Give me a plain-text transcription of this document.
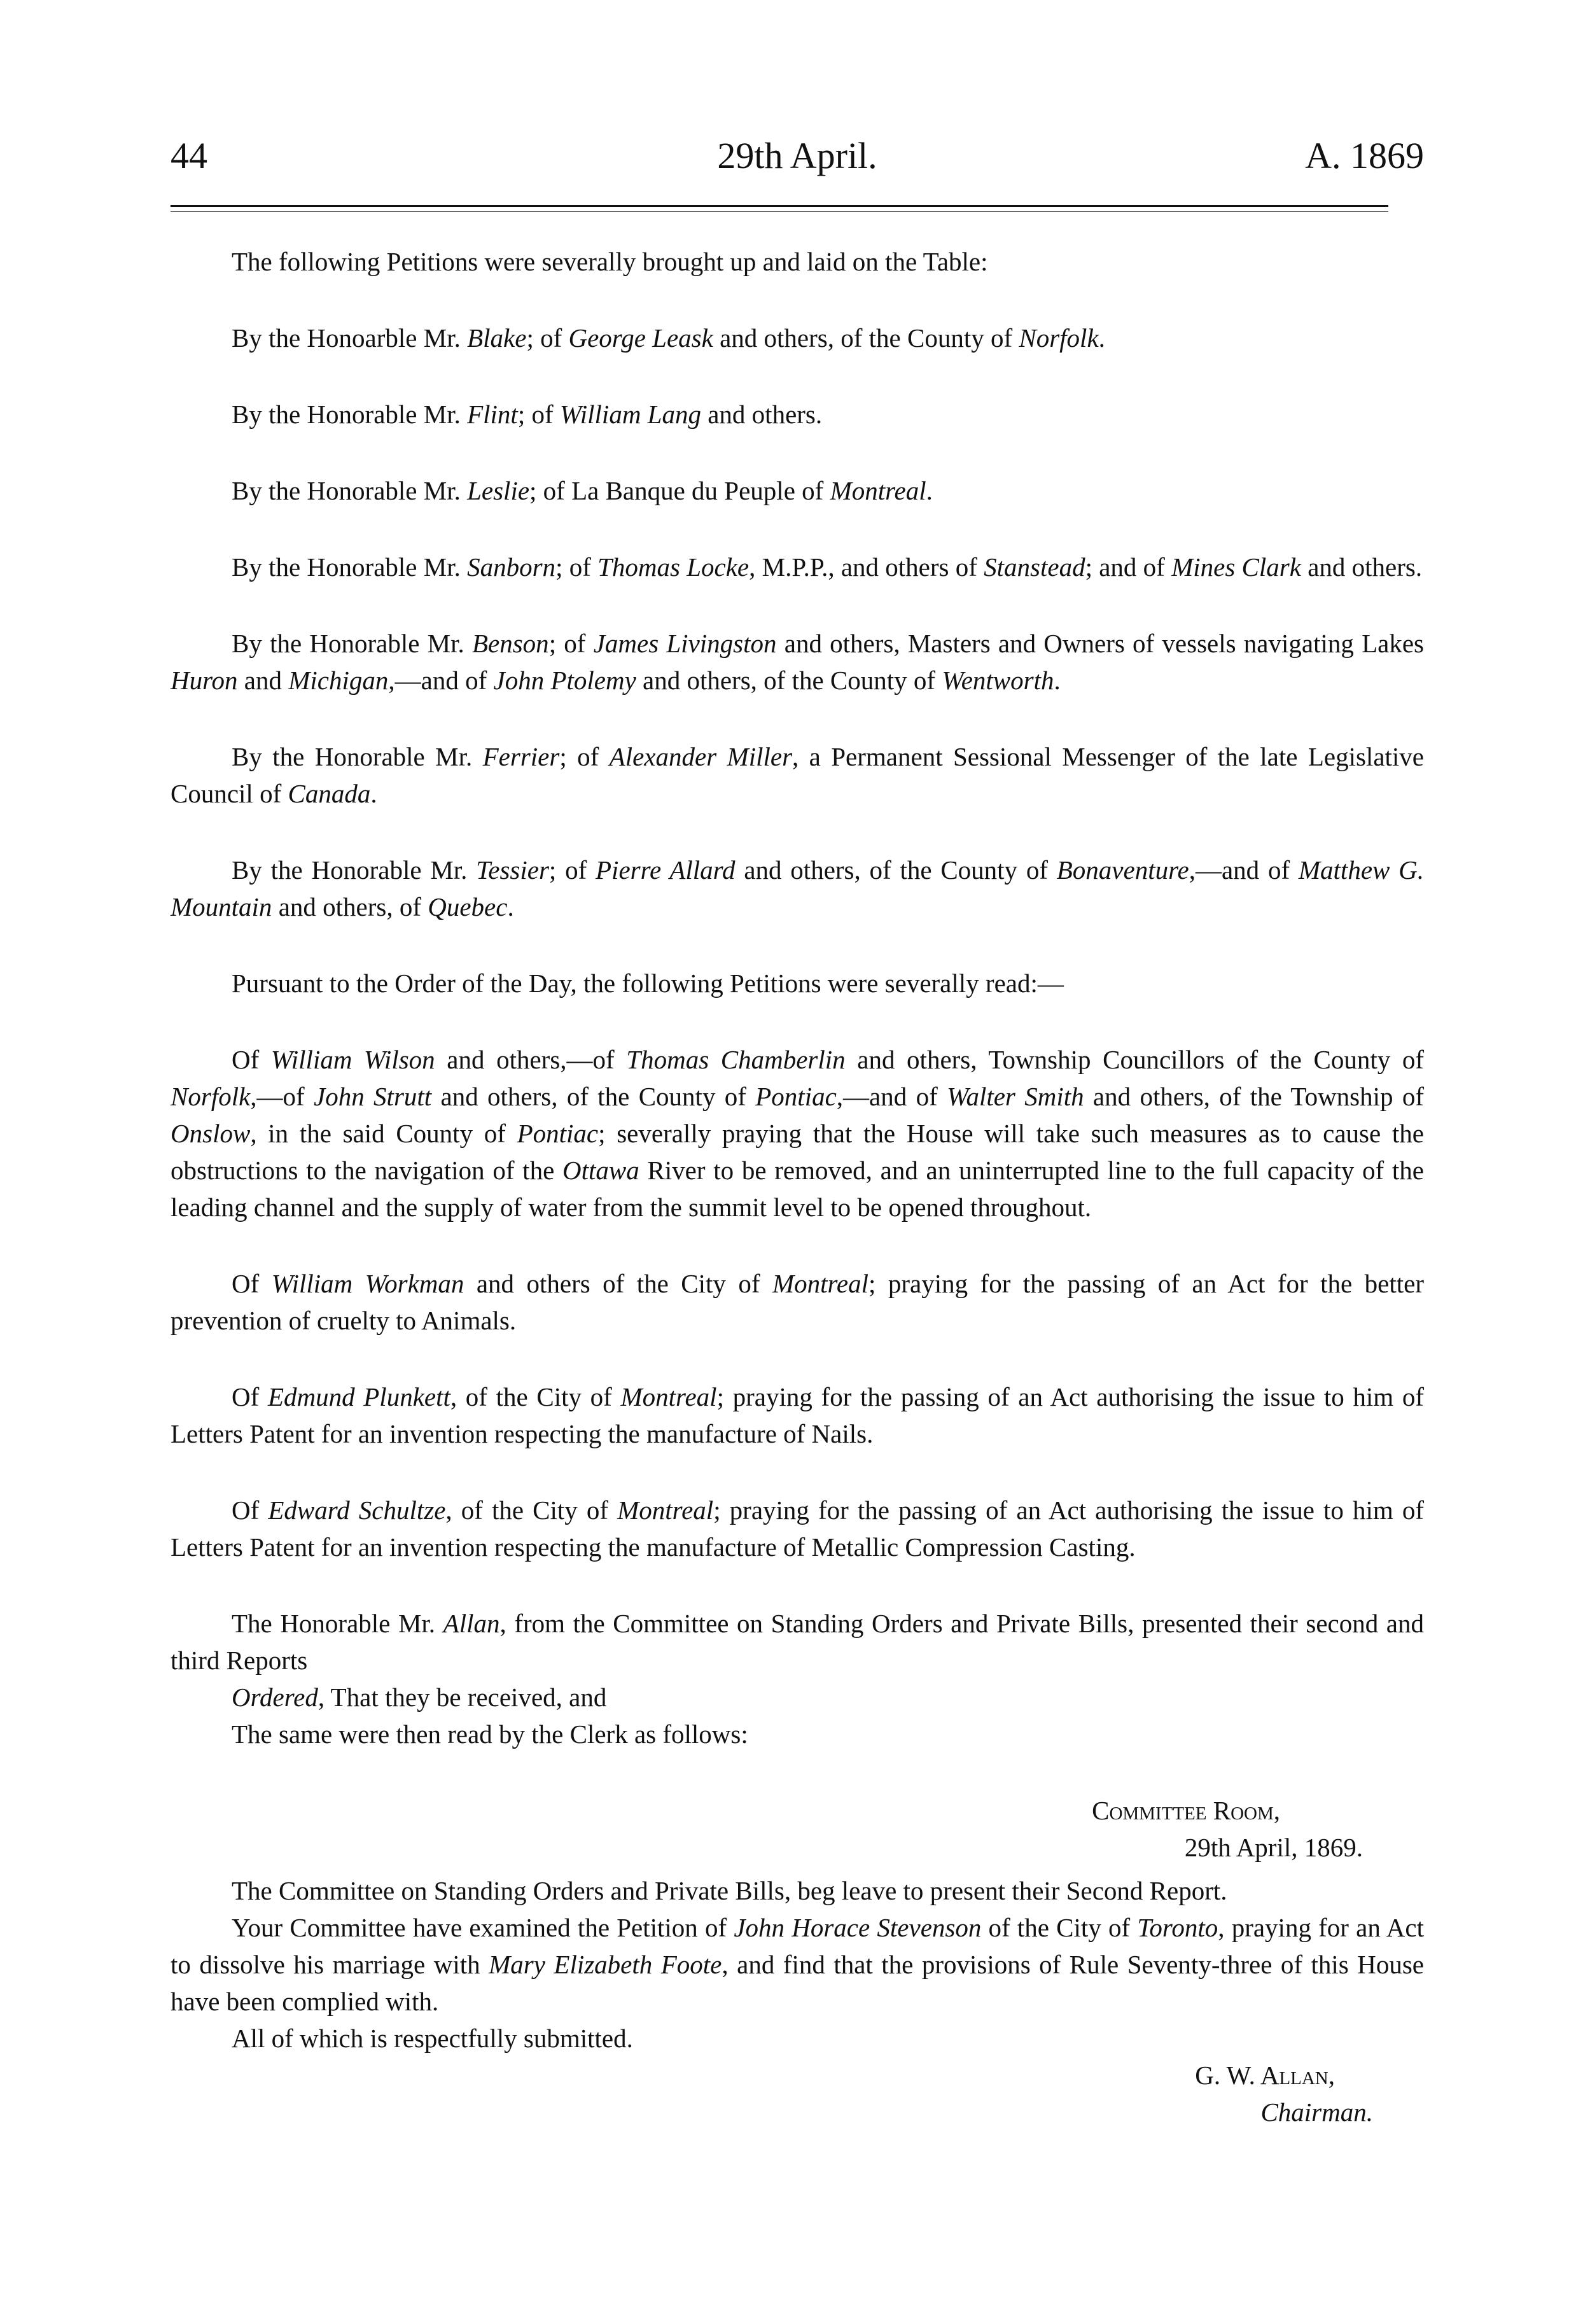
44	29th April.	A. 1869

The following Petitions were severally brought up and laid on the Table:

By the Honoarble Mr. Blake; of George Leask and others, of the County of Norfolk.

By the Honorable Mr. Flint; of William Lang and others.

By the Honorable Mr. Leslie; of La Banque du Peuple of Montreal.

By the Honorable Mr. Sanborn; of Thomas Locke, M.P.P., and others of Stanstead; and of Mines Clark and others.

By the Honorable Mr. Benson; of James Livingston and others, Masters and Owners of vessels navigating Lakes Huron and Michigan,—and of John Ptolemy and others, of the County of Wentworth.

By the Honorable Mr. Ferrier; of Alexander Miller, a Permanent Sessional Messenger of the late Legislative Council of Canada.

By the Honorable Mr. Tessier; of Pierre Allard and others, of the County of Bonaventure,—and of Matthew G. Mountain and others, of Quebec.

Pursuant to the Order of the Day, the following Petitions were severally read:—

Of William Wilson and others,—of Thomas Chamberlin and others, Township Councillors of the County of Norfolk,—of John Strutt and others, of the County of Pontiac,—and of Walter Smith and others, of the Township of Onslow, in the said County of Pontiac; severally praying that the House will take such measures as to cause the obstructions to the navigation of the Ottawa River to be removed, and an uninterrupted line to the full capacity of the leading channel and the supply of water from the summit level to be opened throughout.

Of William Workman and others of the City of Montreal; praying for the passing of an Act for the better prevention of cruelty to Animals.

Of Edmund Plunkett, of the City of Montreal; praying for the passing of an Act authorising the issue to him of Letters Patent for an invention respecting the manufacture of Nails.

Of Edward Schultze, of the City of Montreal; praying for the passing of an Act authorising the issue to him of Letters Patent for an invention respecting the manufacture of Metallic Compression Casting.

The Honorable Mr. Allan, from the Committee on Standing Orders and Private Bills, presented their second and third Reports

Ordered, That they be received, and

The same were then read by the Clerk as follows:

Committee Room,
29th April, 1869.

The Committee on Standing Orders and Private Bills, beg leave to present their Second Report.

Your Committee have examined the Petition of John Horace Stevenson of the City of Toronto, praying for an Act to dissolve his marriage with Mary Elizabeth Foote, and find that the provisions of Rule Seventy-three of this House have been complied with.

All of which is respectfully submitted.

G. W. Allan,
Chairman.
